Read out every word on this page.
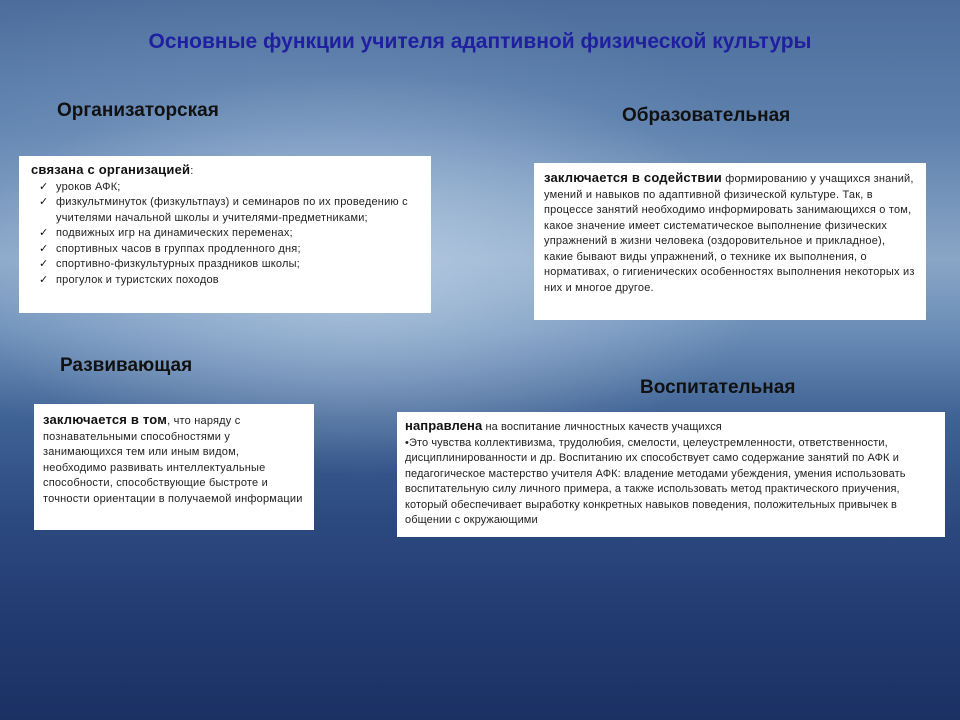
Основные функции учителя адаптивной физической культуры
Организаторская	Образовательная
Развивающая
Воспитательная
связана с организацией:
✓ уроков АФК;
✓ физкультминуток (физкультпауз) и семинаров по их проведению с учителями начальной школы и учителями-предметниками;
✓ подвижных игр на динамических переменах;
✓ спортивных часов в группах продленного дня;
✓ спортивно-физкультурных праздников школы;
✓ прогулок и туристских походов
заключается в содействии формированию у учащихся знаний, умений и навыков по адаптивной физической культуре. Так, в процессе занятий необходимо информировать занимающихся о том, какое значение имеет систематическое выполнение физических упражнений в жизни человека (оздоровительное и прикладное), какие бывают виды упражнений, о технике их выполнения, о нормативах, о гигиенических особенностях выполнения некоторых из них и многое другое.
заключается в том, что наряду с познавательными способностями у занимающихся тем или иным видом, необходимо развивать интеллектуальные способности, способствующие быстроте и точности ориентации в получаемой информации
направлена на воспитание личностных качеств учащихся
•Это чувства коллективизма, трудолюбия, смелости, целеустремленности, ответственности, дисциплинированности и др. Воспитанию их способствует само содержание занятий по АФК и педагогическое мастерство учителя АФК: владение методами убеждения, умения использовать воспитательную силу личного примера, а также использовать метод практического приучения, который обеспечивает выработку конкретных навыков поведения, положительных привычек в общении с окружающими
